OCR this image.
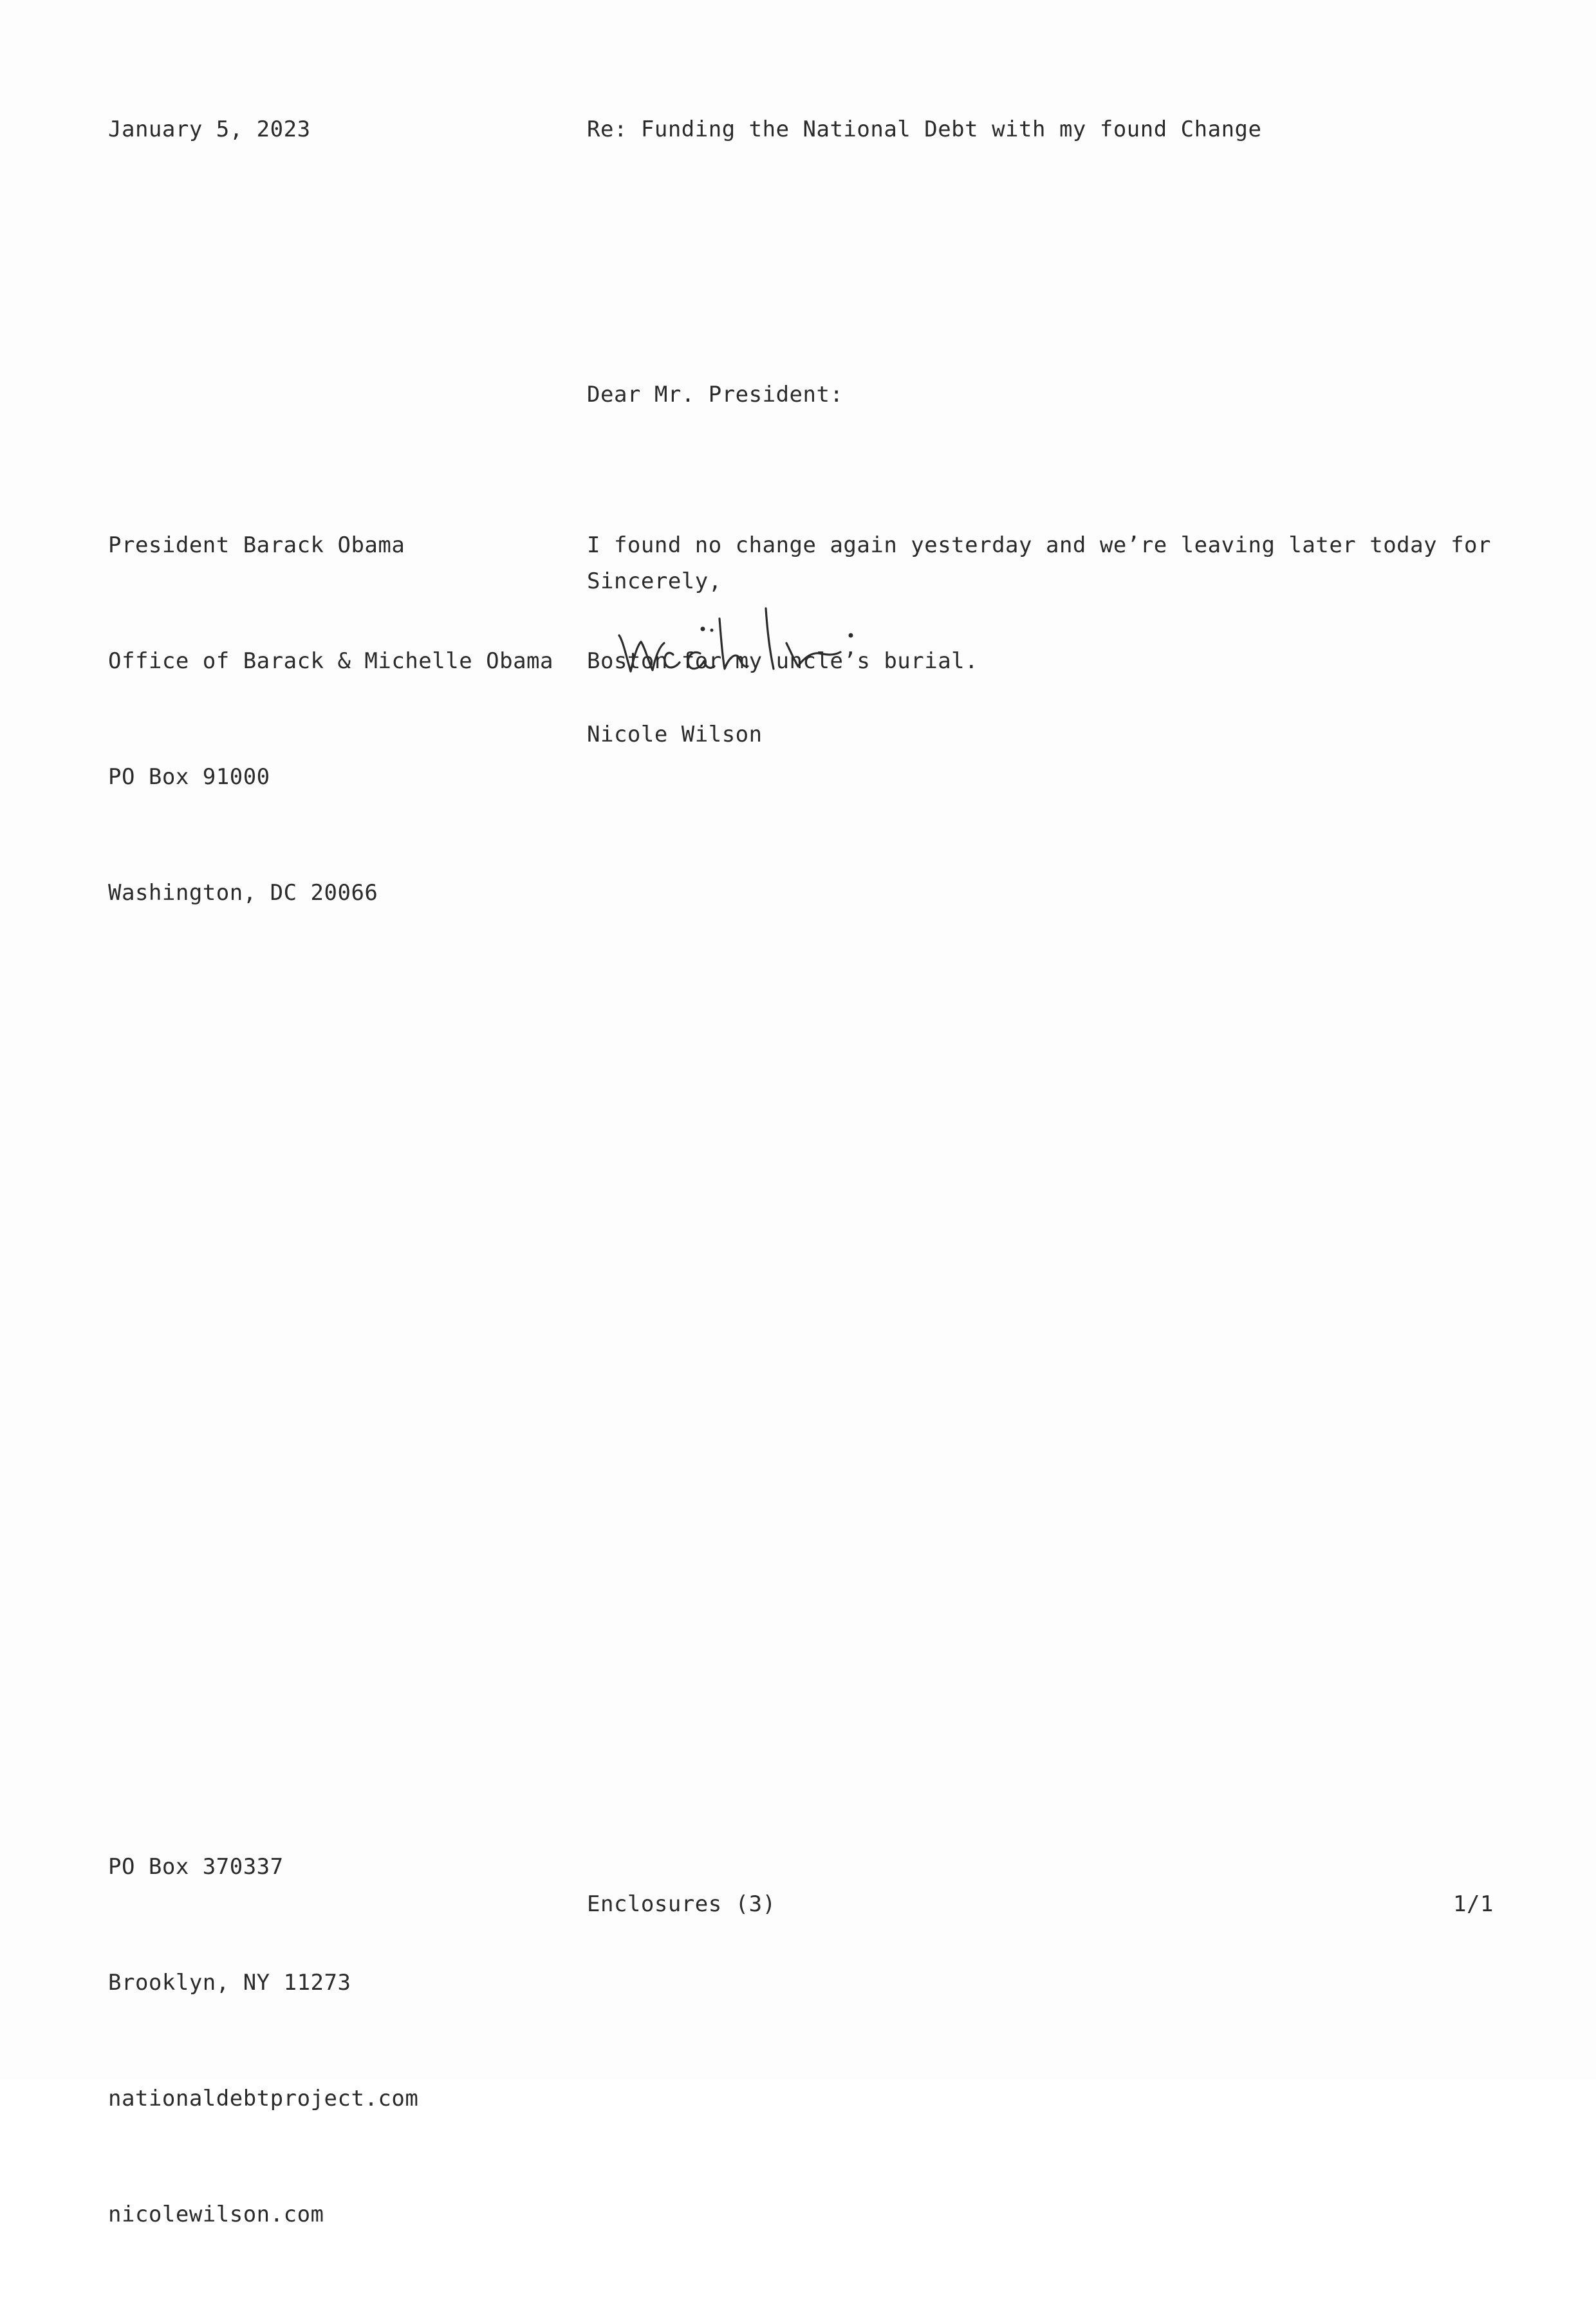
January 5, 2023	Re: Funding the National Debt with my found Change
Dear Mr. President:

President Barack Obama

Office of Barack & Michelle Obama

PO Box 91000

Washington, DC 20066

I found no change again yesterday and we’re leaving later today for

Boston for my uncle’s burial.

Sincerely,
Nicole Wilson

PO Box 370337

Brooklyn, NY 11273

nationaldebtproject.com

nicolewilson.com

Enclosures (3)	1/1
